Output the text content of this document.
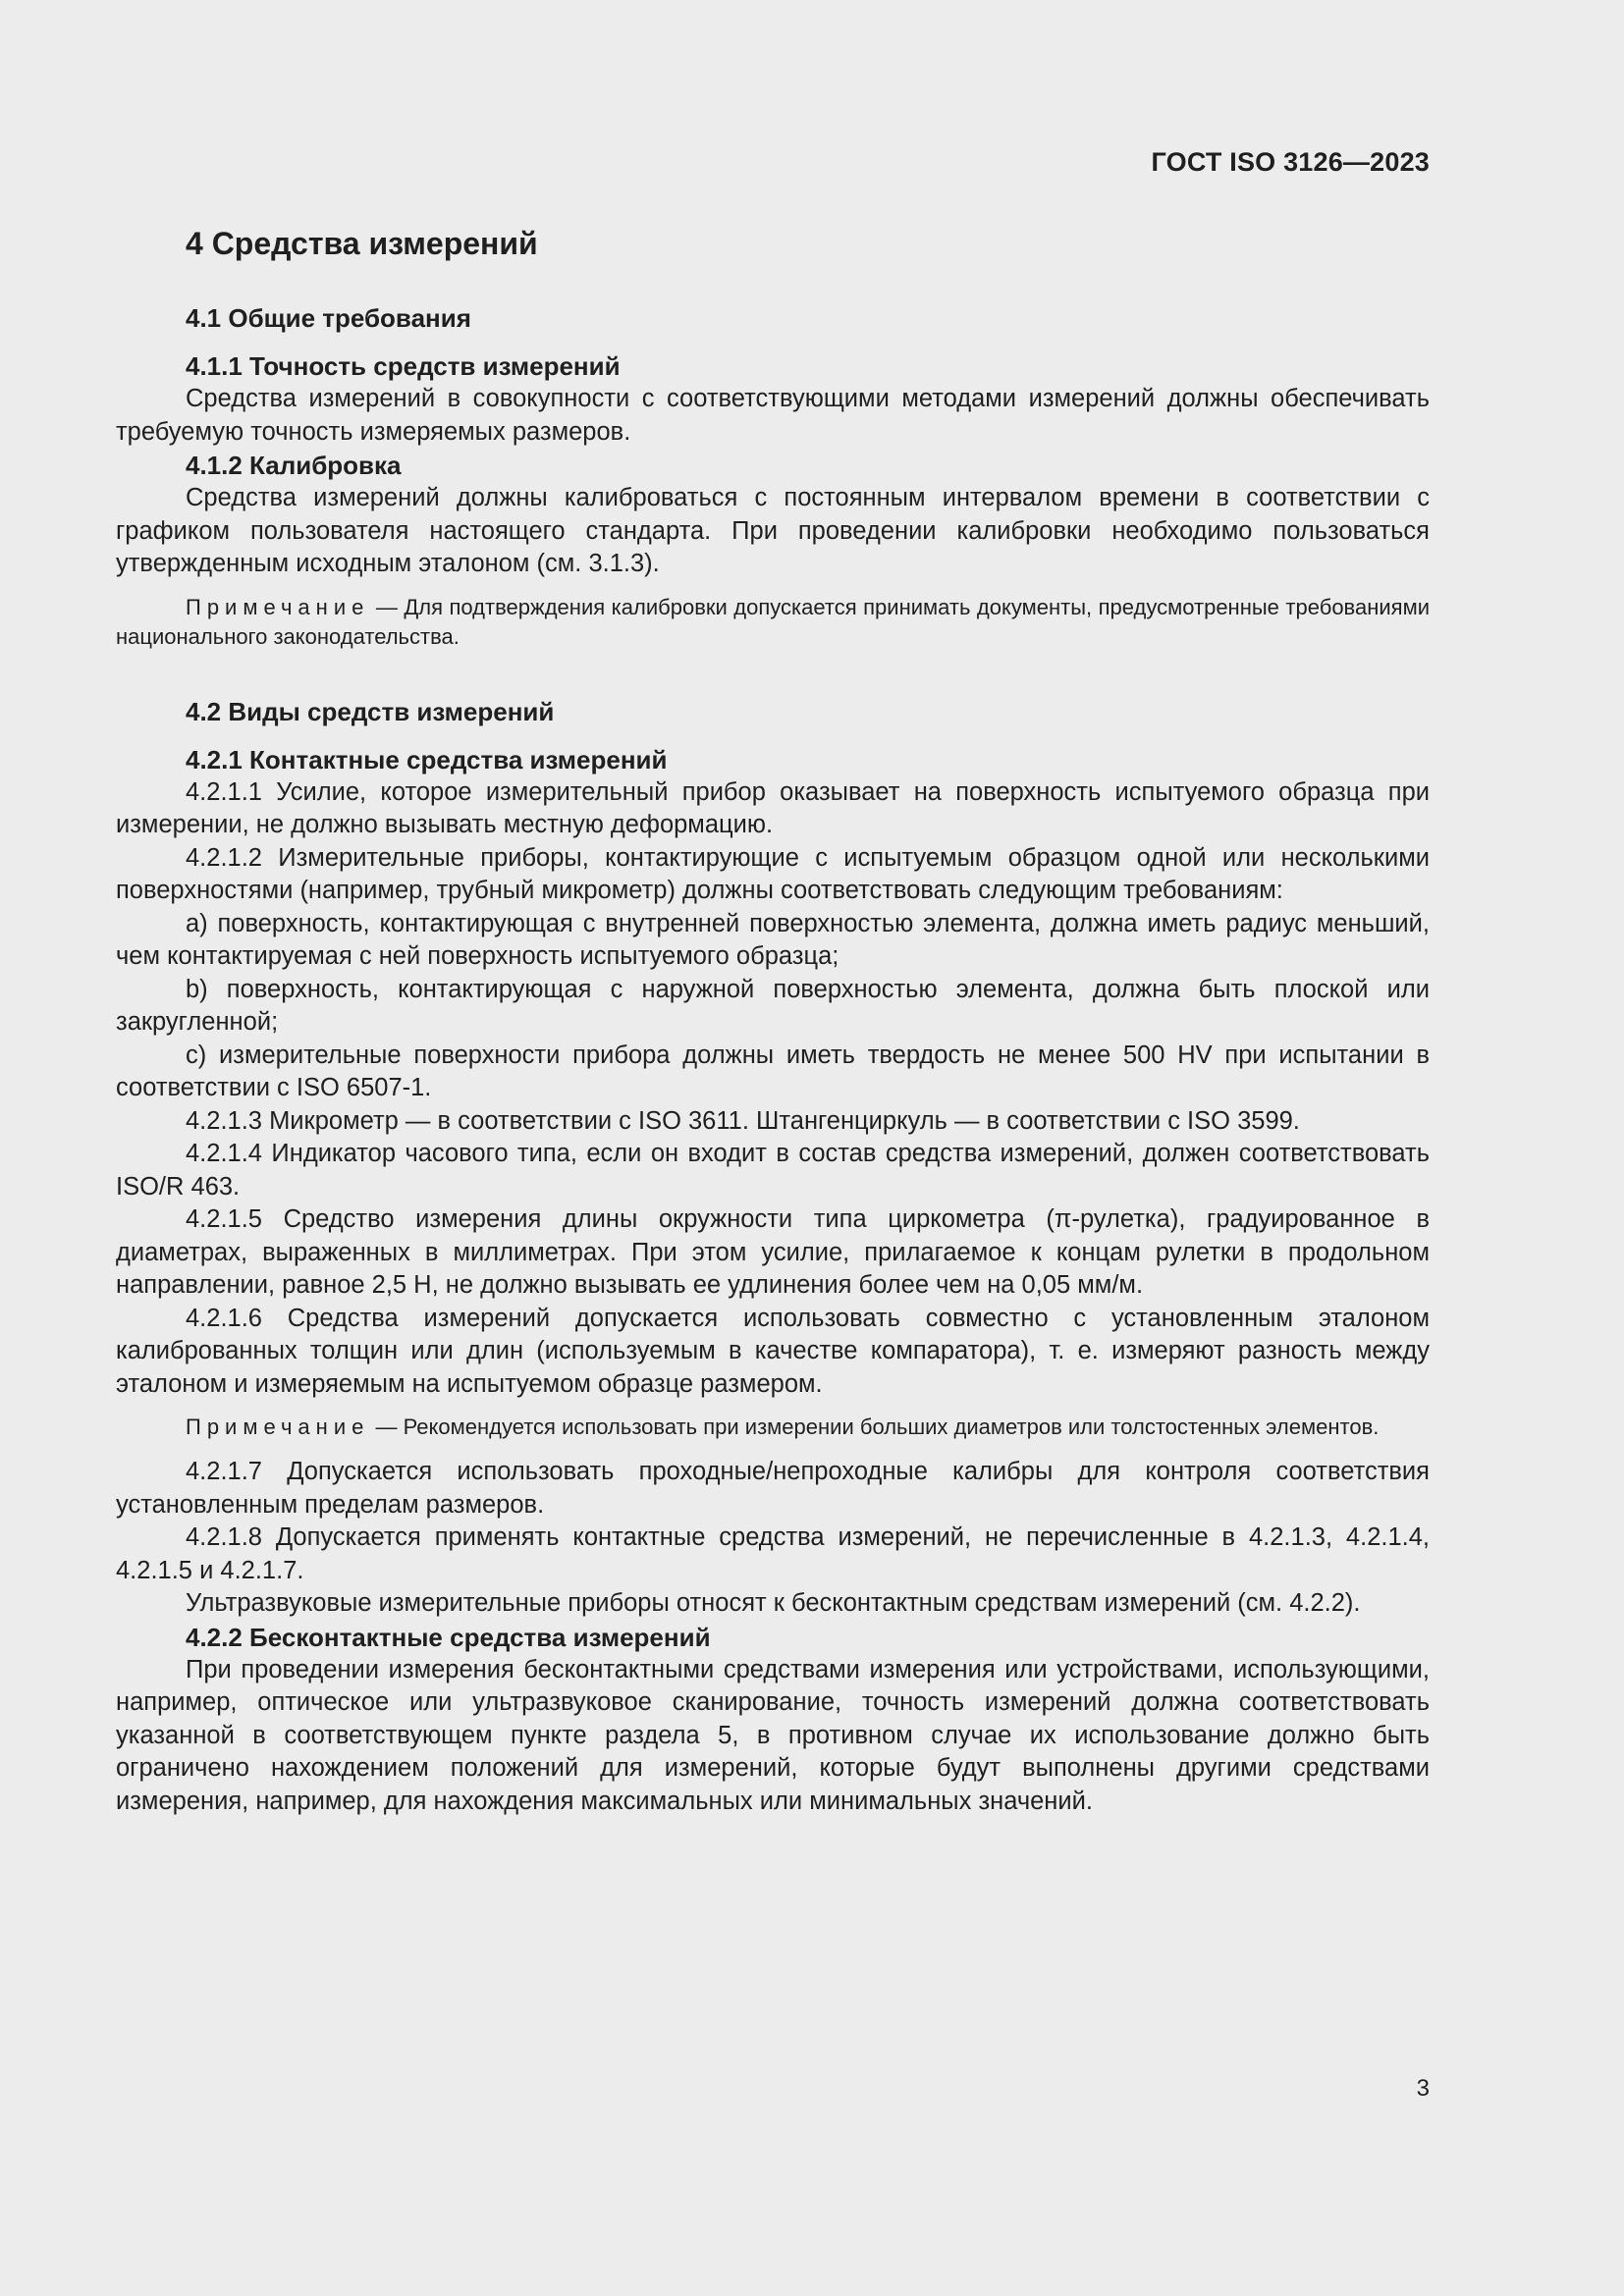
ГОСТ ISO 3126—2023
4 Средства измерений
4.1 Общие требования
4.1.1 Точность средств измерений

Средства измерений в совокупности с соответствующими методами измерений должны обеспечивать требуемую точность измеряемых размеров.

4.1.2 Калибровка

Средства измерений должны калиброваться с постоянным интервалом времени в соответствии с графиком пользователя настоящего стандарта. При проведении калибровки необходимо пользоваться утвержденным исходным эталоном (см. 3.1.3).

Примечание — Для подтверждения калибровки допускается принимать документы, предусмотренные требованиями национального законодательства.

4.2 Виды средств измерений
4.2.1 Контактные средства измерений

4.2.1.1 Усилие, которое измерительный прибор оказывает на поверхность испытуемого образца при измерении, не должно вызывать местную деформацию.

4.2.1.2 Измерительные приборы, контактирующие с испытуемым образцом одной или несколькими поверхностями (например, трубный микрометр) должны соответствовать следующим требованиям:

a) поверхность, контактирующая с внутренней поверхностью элемента, должна иметь радиус меньший, чем контактируемая с ней поверхность испытуемого образца;

b) поверхность, контактирующая с наружной поверхностью элемента, должна быть плоской или закругленной;

c) измерительные поверхности прибора должны иметь твердость не менее 500 HV при испытании в соответствии с ISO 6507-1.

4.2.1.3 Микрометр — в соответствии с ISO 3611. Штангенциркуль — в соответствии с ISO 3599.

4.2.1.4 Индикатор часового типа, если он входит в состав средства измерений, должен соответствовать ISO/R 463.

4.2.1.5 Средство измерения длины окружности типа циркометра (π-рулетка), градуированное в диаметрах, выраженных в миллиметрах. При этом усилие, прилагаемое к концам рулетки в продольном направлении, равное 2,5 Н, не должно вызывать ее удлинения более чем на 0,05 мм/м.

4.2.1.6 Средства измерений допускается использовать совместно с установленным эталоном калиброванных толщин или длин (используемым в качестве компаратора), т. е. измеряют разность между эталоном и измеряемым на испытуемом образце размером.

Примечание — Рекомендуется использовать при измерении больших диаметров или толстостенных элементов.

4.2.1.7 Допускается использовать проходные/непроходные калибры для контроля соответствия установленным пределам размеров.

4.2.1.8 Допускается применять контактные средства измерений, не перечисленные в 4.2.1.3, 4.2.1.4, 4.2.1.5 и 4.2.1.7.

Ультразвуковые измерительные приборы относят к бесконтактным средствам измерений (см. 4.2.2).

4.2.2 Бесконтактные средства измерений

При проведении измерения бесконтактными средствами измерения или устройствами, использующими, например, оптическое или ультразвуковое сканирование, точность измерений должна соответствовать указанной в соответствующем пункте раздела 5, в противном случае их использование должно быть ограничено нахождением положений для измерений, которые будут выполнены другими средствами измерения, например, для нахождения максимальных или минимальных значений.

3
